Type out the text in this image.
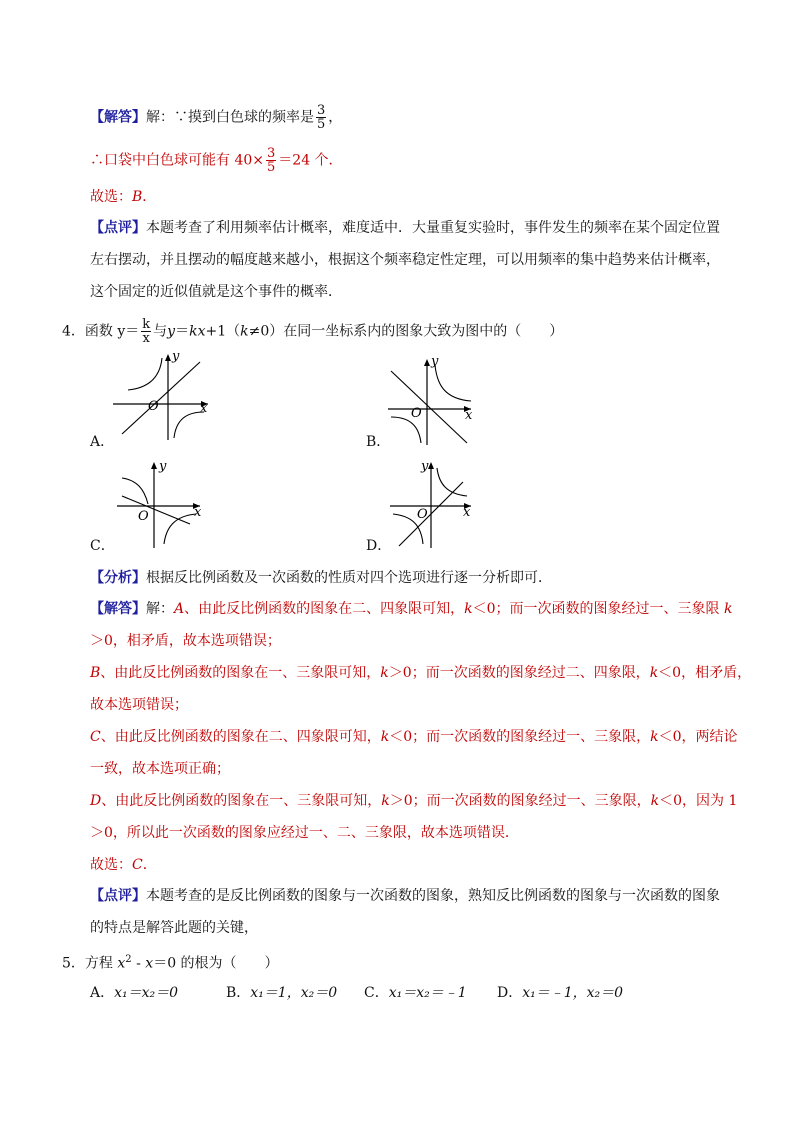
【解答】解：∵摸到白色球的频率是 $\frac{3}{5}$ ，
∴口袋中白色球可能有 $40\times \frac{3}{5} =24$ 个．
故选：B．
【点评】本题考查了利用频率估计概率，难度适中．大量重复实验时，事件发生的频率在某个固定位置
左右摆动，并且摆动的幅度越来越小，根据这个频率稳定性定理，可以用频率的集中趋势来估计概率，
这个固定的近似值就是这个事件的概率．
4．函数 $y= \frac{k}{x}$ 与y＝kx+1（k≠0）在同一坐标系内的图象大致为图中的（　　）
x
y
O
A．
x
y
O
B．
x
y
O
C．
x
y
O
D．
【分析】根据反比例函数及一次函数的性质对四个选项进行逐一分析即可．
【解答】解：A、由此反比例函数的图象在二、四象限可知，k＜0；而一次函数的图象经过一、三象限 k
＞0，相矛盾，故本选项错误；
B、由此反比例函数的图象在一、三象限可知，k＞0；而一次函数的图象经过二、四象限，k＜0，相矛盾，
故本选项错误；
C、由此反比例函数的图象在二、四象限可知，k＜0；而一次函数的图象经过一、三象限，k＜0，两结论
一致，故本选项正确；
D、由此反比例函数的图象在一、三象限可知，k＞0；而一次函数的图象经过一、三象限，k＜0，因为 1
＞0，所以此一次函数的图象应经过一、二、三象限，故本选项错误．
故选：C．
【点评】本题考查的是反比例函数的图象与一次函数的图象，熟知反比例函数的图象与一次函数的图象
的特点是解答此题的关键，
5．方程 $x^2 - x=0$ 的根为（　　）
A．x₁＝x₂＝0	B．x₁＝1，x₂＝0 C．x₁＝x₂＝﹣1 D．x₁＝﹣1，x₂＝0
